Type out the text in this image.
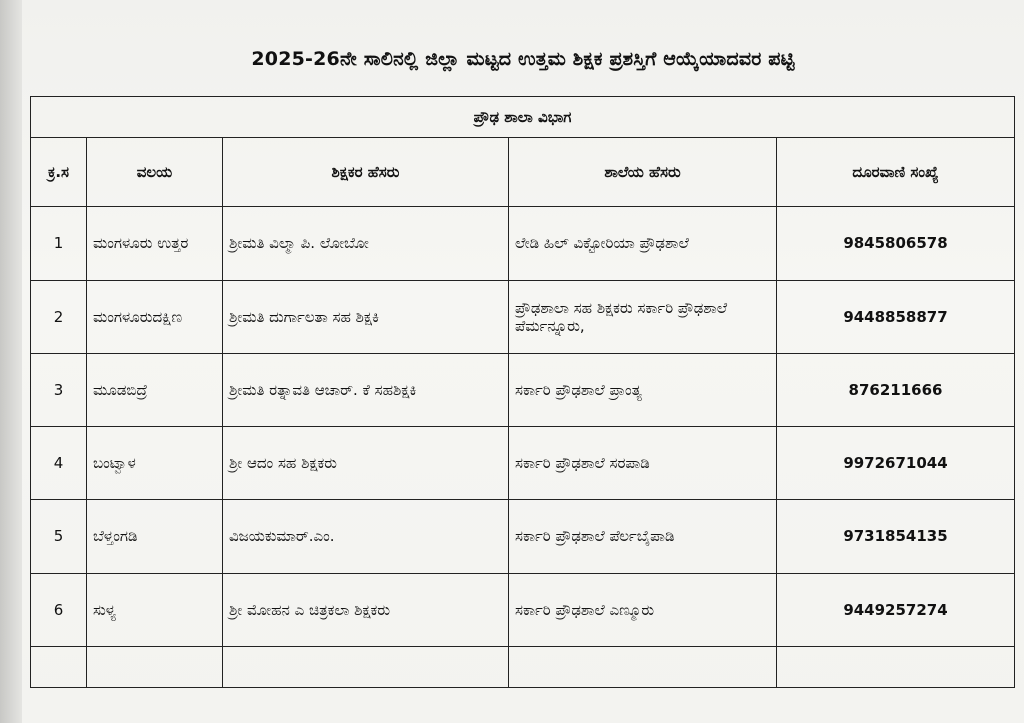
2025-26ನೇ ಸಾಲಿನಲ್ಲಿ ಜಿಲ್ಲಾ ಮಟ್ಟದ ಉತ್ತಮ ಶಿಕ್ಷಕ ಪ್ರಶಸ್ತಿಗೆ ಆಯ್ಕೆಯಾದವರ ಪಟ್ಟಿ
ಪ್ರೌಢ ಶಾಲಾ ವಿಭಾಗ				
ಕ್ರ.ಸ	ವಲಯ	ಶಿಕ್ಷಕರ ಹೆಸರು	ಶಾಲೆಯ ಹೆಸರು	ದೂರವಾಣಿ ಸಂಖ್ಯೆ
1	ಮಂಗಳೂರು ಉತ್ತರ	ಶ್ರೀಮತಿ ವಿಲ್ಮಾ ಪಿ. ಲೋಬೋ	ಲೇಡಿ ಹಿಲ್ ವಿಕ್ಟೋರಿಯಾ ಪ್ರೌಢಶಾಲೆ	9845806578
2	ಮಂಗಳೂರುದಕ್ಷಿಣ	ಶ್ರೀಮತಿ ದುರ್ಗಾಲತಾ ಸಹ ಶಿಕ್ಷಕಿ	ಪ್ರೌಢಶಾಲಾ ಸಹ ಶಿಕ್ಷಕರು ಸರ್ಕಾರಿ ಪ್ರೌಢಶಾಲೆ ಪೆರ್ಮನ್ನೂರು,	9448858877
3	ಮೂಡಬಿದ್ರೆ	ಶ್ರೀಮತಿ ರತ್ನಾವತಿ ಆಚಾರ್. ಕೆ ಸಹಶಿಕ್ಷಕಿ	ಸರ್ಕಾರಿ ಪ್ರೌಢಶಾಲೆ ಪ್ರಾಂತ್ಯ	876211666
4	ಬಂಟ್ವಾಳ	ಶ್ರೀ ಆದಂ ಸಹ ಶಿಕ್ಷಕರು	ಸರ್ಕಾರಿ ಪ್ರೌಢಶಾಲೆ ಸರಪಾಡಿ	9972671044
5	ಬೆಳ್ತಂಗಡಿ	ವಿಜಯಕುಮಾರ್.ಎಂ.	ಸರ್ಕಾರಿ ಪ್ರೌಢಶಾಲೆ ಪೆರ್ಲಬೈಪಾಡಿ	9731854135
6	ಸುಳ್ಯ	ಶ್ರೀ ಮೋಹನ ಎ ಚಿತ್ರಕಲಾ ಶಿಕ್ಷಕರು	ಸರ್ಕಾರಿ ಪ್ರೌಢಶಾಲೆ ಎಣ್ಮೂರು	9449257274
